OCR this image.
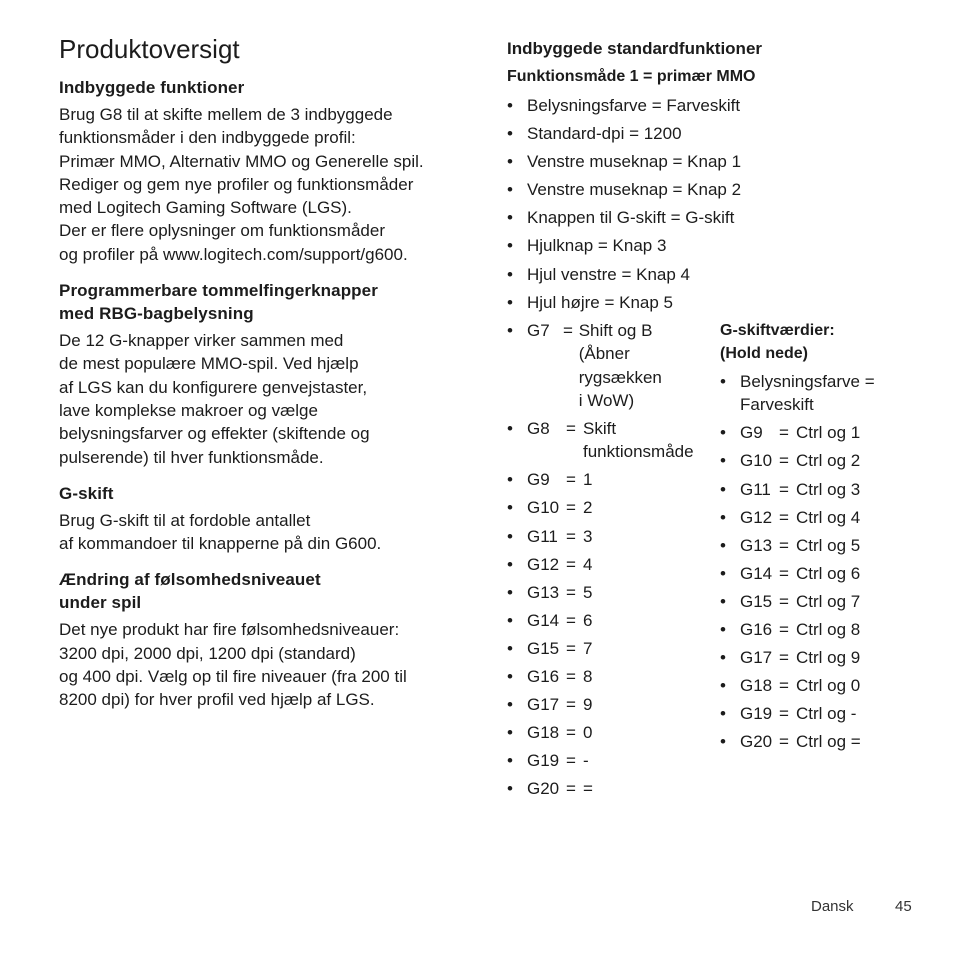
Produktoversigt
Indbyggede funktioner

Brug G8 til at skifte mellem de 3 indbyggede
funktionsmåder i den indbyggede profil:
Primær MMO, Alternativ MMO og Generelle spil.
Rediger og gem nye profiler og funktionsmåder
med Logitech Gaming Software (LGS).
Der er flere oplysninger om funktionsmåder
og profiler på www.logitech.com/support/g600.

Programmerbare tommelfingerknapper
med RBG-bagbelysning

De 12 G-knapper virker sammen med
de mest populære MMO-spil. Ved hjælp
af LGS kan du konfigurere genvejstaster,
lave komplekse makroer og vælge
belysningsfarver og effekter (skiftende og
pulserende) til hver funktionsmåde.

G-skift

Brug G-skift til at fordoble antallet
af kommandoer til knapperne på din G600.

Ændring af følsomhedsniveauet
under spil

Det nye produkt har fire følsomhedsniveauer:
3200 dpi, 2000 dpi, 1200 dpi (standard)
og 400 dpi. Vælg op til fire niveauer (fra 200 til
8200 dpi) for hver profil ved hjælp af LGS.

Indbyggede standardfunktioner
Funktionsmåde 1 = primær MMO
• Belysningsfarve = Farveskift
• Standard-dpi = 1200
• Venstre museknap = Knap 1
• Venstre museknap = Knap 2
• Knappen til G-skift = G-skift
• Hjulknap = Knap 3
• Hjul venstre = Knap 4
• Hjul højre = Knap 5
• G7 = Shift og B
(Åbner rygsækken
i WoW)
• G8 = Skift
funktionsmåde
• G9 = 1
• G10 = 2
• G11 = 3
• G12 = 4
• G13 = 5
• G14 = 6
• G15 = 7
• G16 = 8
• G17 = 9
• G18 = 0
• G19 = -
• G20 = =
G-skiftværdier:
(Hold nede)
• Belysningsfarve =
Farveskift
• G9 = Ctrl og 1
• G10 = Ctrl og 2
• G11 = Ctrl og 3
• G12 = Ctrl og 4
• G13 = Ctrl og 5
• G14 = Ctrl og 6
• G15 = Ctrl og 7
• G16 = Ctrl og 8
• G17 = Ctrl og 9
• G18 = Ctrl og 0
• G19 = Ctrl og -
• G20 = Ctrl og =
Dansk	45
